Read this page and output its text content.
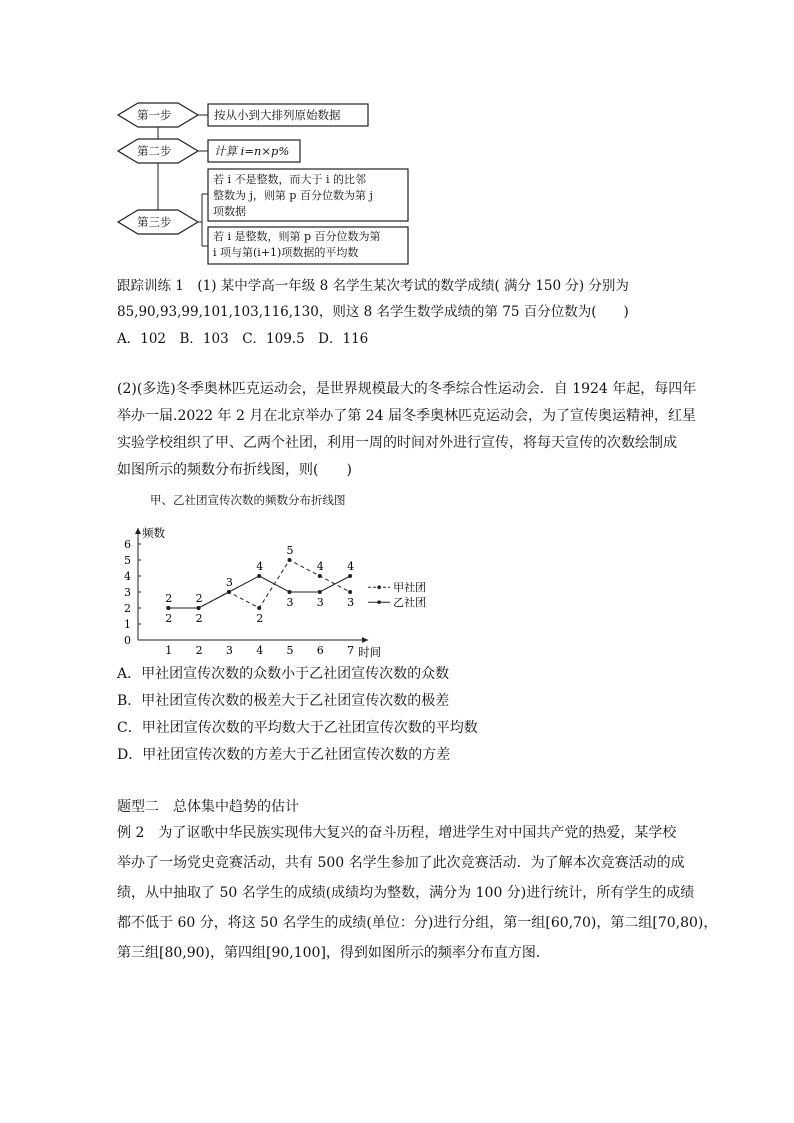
第一步
第二步
第三步
按从小到大排列原始数据
计算 i=n×p%
若 i 不是整数，而大于 i 的比邻
整数为 j，则第 p 百分位数为第 j
项数据
若 i 是整数，则第 p 百分位数为第
i 项与第(i+1)项数据的平均数
跟踪训练 1　(1) 某中学高一年级 8 名学生某次考试的数学成绩( 满分 150 分) 分别为
85,90,93,99,101,103,116,130，则这 8 名学生数学成绩的第 75 百分位数为(　　)
A．102　B．103　C．109.5　D．116
(2)(多选)冬季奥林匹克运动会，是世界规模最大的冬季综合性运动会．自 1924 年起，每四年
举办一届.2022 年 2 月在北京举办了第 24 届冬季奥林匹克运动会，为了宣传奥运精神，红星
实验学校组织了甲、乙两个社团，利用一周的时间对外进行宣传，将每天宣传的次数绘制成
如图所示的频数分布折线图，则(　　)
甲、乙社团宣传次数的频数分布折线图
频数
时间
0
1
2
3
4
5
6
1 2 3 4 5 6 7
2
2
2
2
3
4
2
5
3
4
3
4
3
甲社团
乙社团
A．甲社团宣传次数的众数小于乙社团宣传次数的众数
B．甲社团宣传次数的极差大于乙社团宣传次数的极差
C．甲社团宣传次数的平均数大于乙社团宣传次数的平均数
D．甲社团宣传次数的方差大于乙社团宣传次数的方差
题型二　总体集中趋势的估计
例 2　为了讴歌中华民族实现伟大复兴的奋斗历程，增进学生对中国共产党的热爱，某学校
举办了一场党史竞赛活动，共有 500 名学生参加了此次竞赛活动．为了解本次竞赛活动的成
绩，从中抽取了 50 名学生的成绩(成绩均为整数，满分为 100 分)进行统计，所有学生的成绩
都不低于 60 分，将这 50 名学生的成绩(单位：分)进行分组，第一组[60,70)，第二组[70,80)，
第三组[80,90)，第四组[90,100]，得到如图所示的频率分布直方图．
